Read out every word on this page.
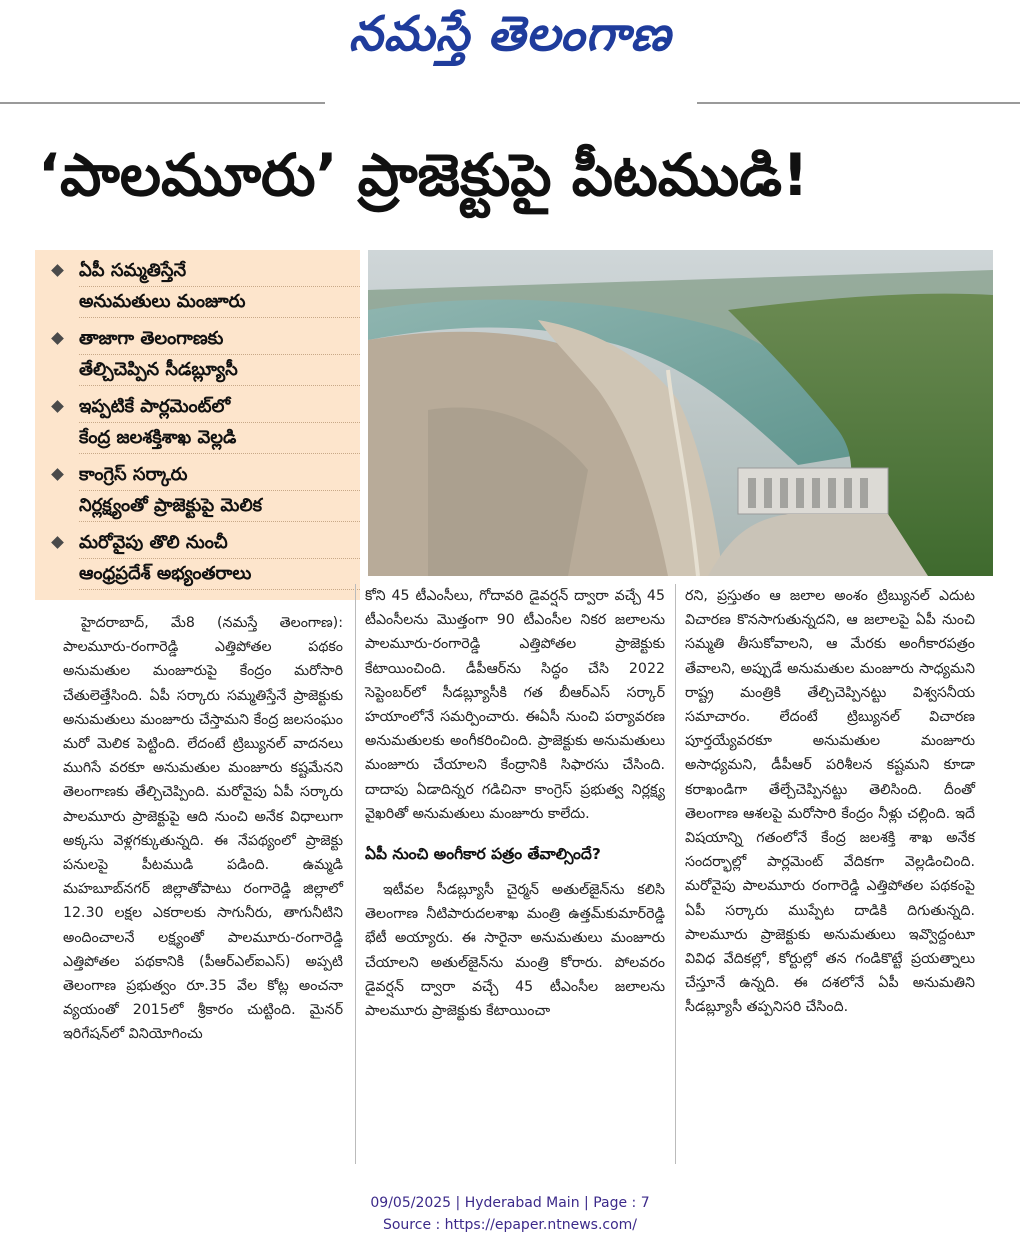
నమస్తే తెలంగాణ
‘పాలమూరు’ ప్రాజెక్టుపై పీటముడి!
ఏపీ సమ్మతిస్తేనే
అనుమతులు మంజూరు
తాజాగా తెలంగాణకు
తేల్చిచెప్పిన సీడబ్ల్యూసీ
ఇప్పటికే పార్లమెంట్‌లో
కేంద్ర జలశక్తిశాఖ వెల్లడి
కాంగ్రెస్ సర్కారు
నిర్లక్ష్యంతో ప్రాజెక్టుపై మెలిక
మరోవైపు తొలి నుంచీ
ఆంధ్రప్రదేశ్ అభ్యంతరాలు

హైదరాబాద్, మే8 (నమస్తే తెలంగాణ): పాలమూరు-రంగారెడ్డి ఎత్తిపోతల పథకం అనుమతుల మంజూరుపై కేంద్రం మరోసారి చేతులెత్తేసింది. ఏపీ సర్కారు సమ్మతిస్తేనే ప్రాజెక్టుకు అనుమతులు మంజూరు చేస్తామని కేంద్ర జలసంఘం మరో మెలిక పెట్టింది. లేదంటే ట్రిబ్యునల్ వాదనలు ముగిసే వరకూ అనుమతుల మంజూరు కష్టమేనని తెలంగాణకు తేల్చిచెప్పింది. మరోవైపు ఏపీ సర్కారు పాలమూరు ప్రాజెక్టుపై ఆది నుంచి అనేక విధాలుగా అక్కసు వెళ్లగక్కుతున్నది. ఈ నేపథ్యంలో ప్రాజెక్టు పనులపై పీటముడి పడింది. ఉమ్మడి మహబూబ్‌నగర్ జిల్లాతోపాటు రంగారెడ్డి జిల్లాలో 12.30 లక్షల ఎకరాలకు సాగునీరు, తాగునీటిని అందించాలనే లక్ష్యంతో పాలమూరు-రంగారెడ్డి ఎత్తిపోతల పథకానికి (పీఆర్ఎల్ఐఎస్) అప్పటి తెలంగాణ ప్రభుత్వం రూ.35 వేల కోట్ల అంచనా వ్యయంతో 2015లో శ్రీకారం చుట్టింది. మైనర్ ఇరిగేషన్‌లో వినియోగించు

కోని 45 టీఎంసీలు, గోదావరి డైవర్షన్ ద్వారా వచ్చే 45 టీఎంసీలను మొత్తంగా 90 టీఎంసీల నికర జలాలను పాలమూరు-రంగారెడ్డి ఎత్తిపోతల ప్రాజెక్టుకు కేటాయించింది. డీపీఆర్‌ను సిద్ధం చేసి 2022 సెప్టెంబర్‌లో సీడబ్ల్యూసీకి గత బీఆర్ఎస్ సర్కార్ హయాంలోనే సమర్పించారు. ఈఏసీ నుంచి పర్యావరణ అనుమతులకు అంగీకరించింది. ప్రాజెక్టుకు అనుమతులు మంజూరు చేయాలని కేంద్రానికి సిఫారసు చేసింది. దాదాపు ఏడాదిన్నర గడిచినా కాంగ్రెస్ ప్రభుత్వ నిర్లక్ష్య వైఖరితో అనుమతులు మంజూరు కాలేదు.

ఏపీ నుంచి అంగీకార పత్రం తేవాల్సిందే?

ఇటీవల సీడబ్ల్యూసీ చైర్మన్ అతుల్‌జైన్‌ను కలిసి తెలంగాణ నీటిపారుదలశాఖ మంత్రి ఉత్తమ్‌కుమార్‌రెడ్డి భేటీ అయ్యారు. ఈ సారైనా అనుమతులు మంజూరు చేయాలని అతుల్‌జైన్‌ను మంత్రి కోరారు. పోలవరం డైవర్షన్ ద్వారా వచ్చే 45 టీఎంసీల జలాలను పాలమూరు ప్రాజెక్టుకు కేటాయించా

రని, ప్రస్తుతం ఆ జలాల అంశం ట్రిబ్యునల్ ఎదుట విచారణ కొనసాగుతున్నదని, ఆ జలాలపై ఏపీ నుంచి సమ్మతి తీసుకోవాలని, ఆ మేరకు అంగీకారపత్రం తేవాలని, అప్పుడే అనుమతుల మంజూరు సాధ్యమని రాష్ట్ర మంత్రికి తేల్చిచెప్పినట్టు విశ్వసనీయ సమాచారం. లేదంటే ట్రిబ్యునల్ విచారణ పూర్తయ్యేవరకూ అనుమతుల మంజూరు అసాధ్యమని, డీపీఆర్ పరిశీలన కష్టమని కూడా కరాఖండిగా తేల్చేచెప్పినట్టు తెలిసింది. దీంతో తెలంగాణ ఆశలపై మరోసారి కేంద్రం నీళ్లు చల్లింది. ఇదే విషయాన్ని గతంలోనే కేంద్ర జలశక్తి శాఖ అనేక సందర్భాల్లో పార్లమెంట్ వేదికగా వెల్లడించింది. మరోవైపు పాలమూరు రంగారెడ్డి ఎత్తిపోతల పథకంపై ఏపీ సర్కారు ముప్పేట దాడికి దిగుతున్నది. పాలమూరు ప్రాజెక్టుకు అనుమతులు ఇవ్వొద్దంటూ వివిధ వేదికల్లో, కోర్టుల్లో తన గండికొట్టే ప్రయత్నాలు చేస్తూనే ఉన్నది. ఈ దశలోనే ఏపీ అనుమతిని సీడబ్ల్యూసీ తప్పనిసరి చేసింది.

09/05/2025 | Hyderabad Main | Page : 7
Source : https://epaper.ntnews.com/
